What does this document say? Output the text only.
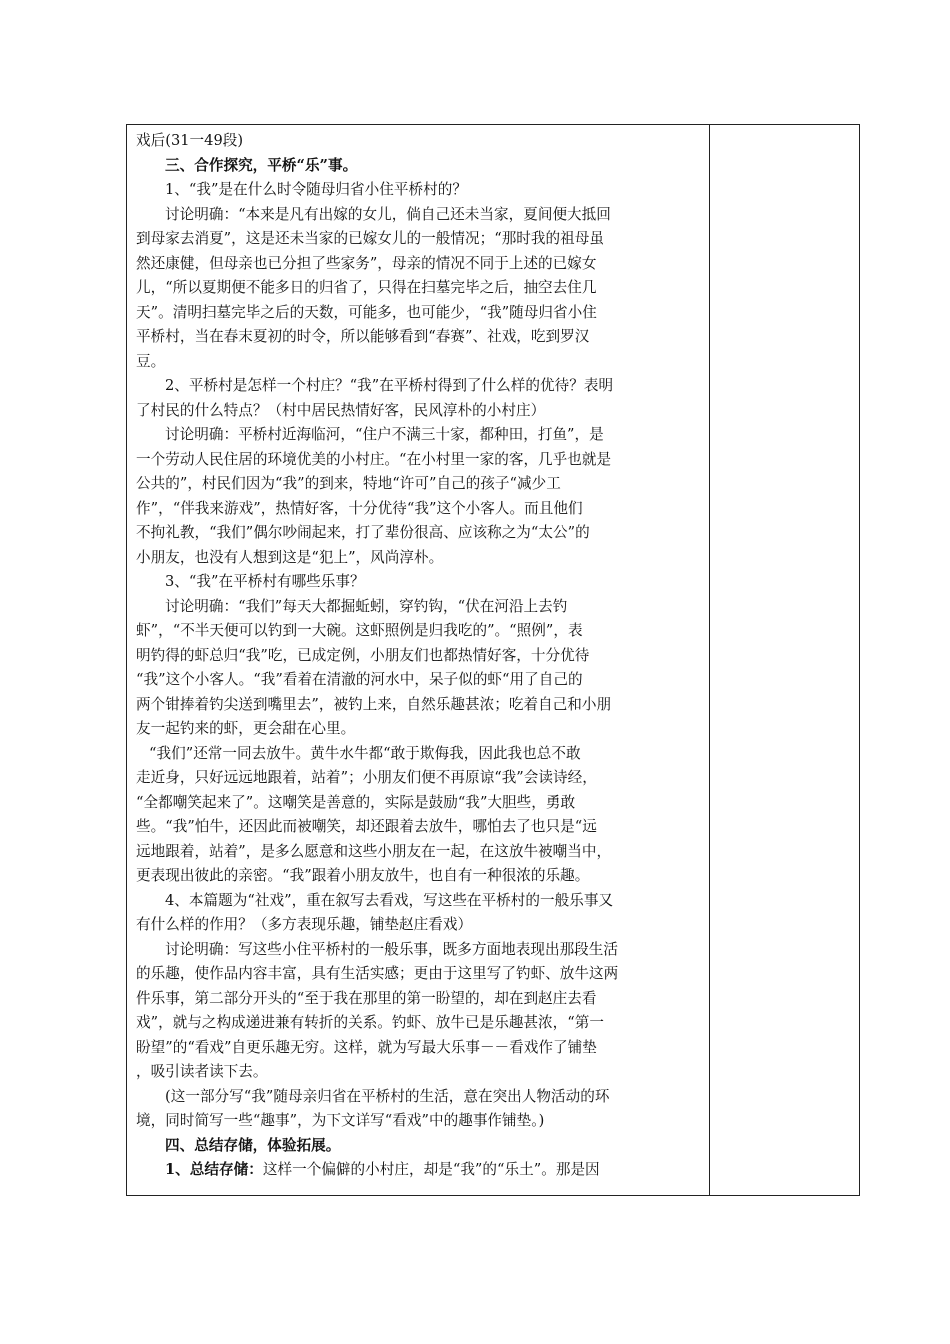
戏后(31一49段)
三、合作探究，平桥“乐”事。
1、“我”是在什么时令随母归省小住平桥村的？
讨论明确：“本来是凡有出嫁的女儿，倘自己还未当家，夏间便大抵回
到母家去消夏”，这是还未当家的已嫁女儿的一般情况；“那时我的祖母虽
然还康健，但母亲也已分担了些家务”，母亲的情况不同于上述的已嫁女
儿，“所以夏期便不能多日的归省了，只得在扫墓完毕之后，抽空去住几
天”。清明扫墓完毕之后的天数，可能多，也可能少，“我”随母归省小住
平桥村，当在春末夏初的时令，所以能够看到“春赛”、社戏，吃到罗汉
豆。
2、平桥村是怎样一个村庄？“我”在平桥村得到了什么样的优待？表明
了村民的什么特点？（村中居民热情好客，民风淳朴的小村庄）
讨论明确：平桥村近海临河，“住户不满三十家，都种田，打鱼”，是
一个劳动人民住居的环境优美的小村庄。“在小村里一家的客，几乎也就是
公共的”，村民们因为“我”的到来，特地“许可”自己的孩子“减少工
作”，“伴我来游戏”，热情好客，十分优待“我”这个小客人。而且他们
不拘礼教，“我们”偶尔吵闹起来，打了辈份很高、应该称之为“太公”的
小朋友，也没有人想到这是“犯上”，风尚淳朴。
3、“我”在平桥村有哪些乐事？
讨论明确：“我们”每天大都掘蚯蚓，穿钓钩，“伏在河沿上去钓
虾”，“不半天便可以钓到一大碗。这虾照例是归我吃的”。“照例”，表
明钓得的虾总归“我”吃，已成定例，小朋友们也都热情好客，十分优待
“我”这个小客人。“我”看着在清澈的河水中，呆子似的虾“用了自己的
两个钳捧着钓尖送到嘴里去”，被钓上来，自然乐趣甚浓；吃着自己和小朋
友一起钓来的虾，更会甜在心里。
“我们”还常一同去放牛。黄牛水牛都“敢于欺侮我，因此我也总不敢
走近身，只好远远地跟着，站着”；小朋友们便不再原谅“我”会读诗经，
“全都嘲笑起来了”。这嘲笑是善意的，实际是鼓励“我”大胆些，勇敢
些。“我”怕牛，还因此而被嘲笑，却还跟着去放牛，哪怕去了也只是“远
远地跟着，站着”，是多么愿意和这些小朋友在一起，在这放牛被嘲当中，
更表现出彼此的亲密。“我”跟着小朋友放牛，也自有一种很浓的乐趣。
4、本篇题为“社戏”，重在叙写去看戏，写这些在平桥村的一般乐事又
有什么样的作用？（多方表现乐趣，铺垫赵庄看戏）
讨论明确：写这些小住平桥村的一般乐事，既多方面地表现出那段生活
的乐趣，使作品内容丰富，具有生活实感；更由于这里写了钓虾、放牛这两
件乐事，第二部分开头的“至于我在那里的第一盼望的，却在到赵庄去看
戏”，就与之构成递进兼有转折的关系。钓虾、放牛已是乐趣甚浓，“第一
盼望”的“看戏”自更乐趣无穷。这样，就为写最大乐事－－看戏作了铺垫
，吸引读者读下去。
(这一部分写“我”随母亲归省在平桥村的生活，意在突出人物活动的环
境，同时简写一些“趣事”，为下文详写“看戏”中的趣事作铺垫。)
四、总结存储，体验拓展。
1、总结存储：这样一个偏僻的小村庄，却是“我”的“乐土”。那是因
